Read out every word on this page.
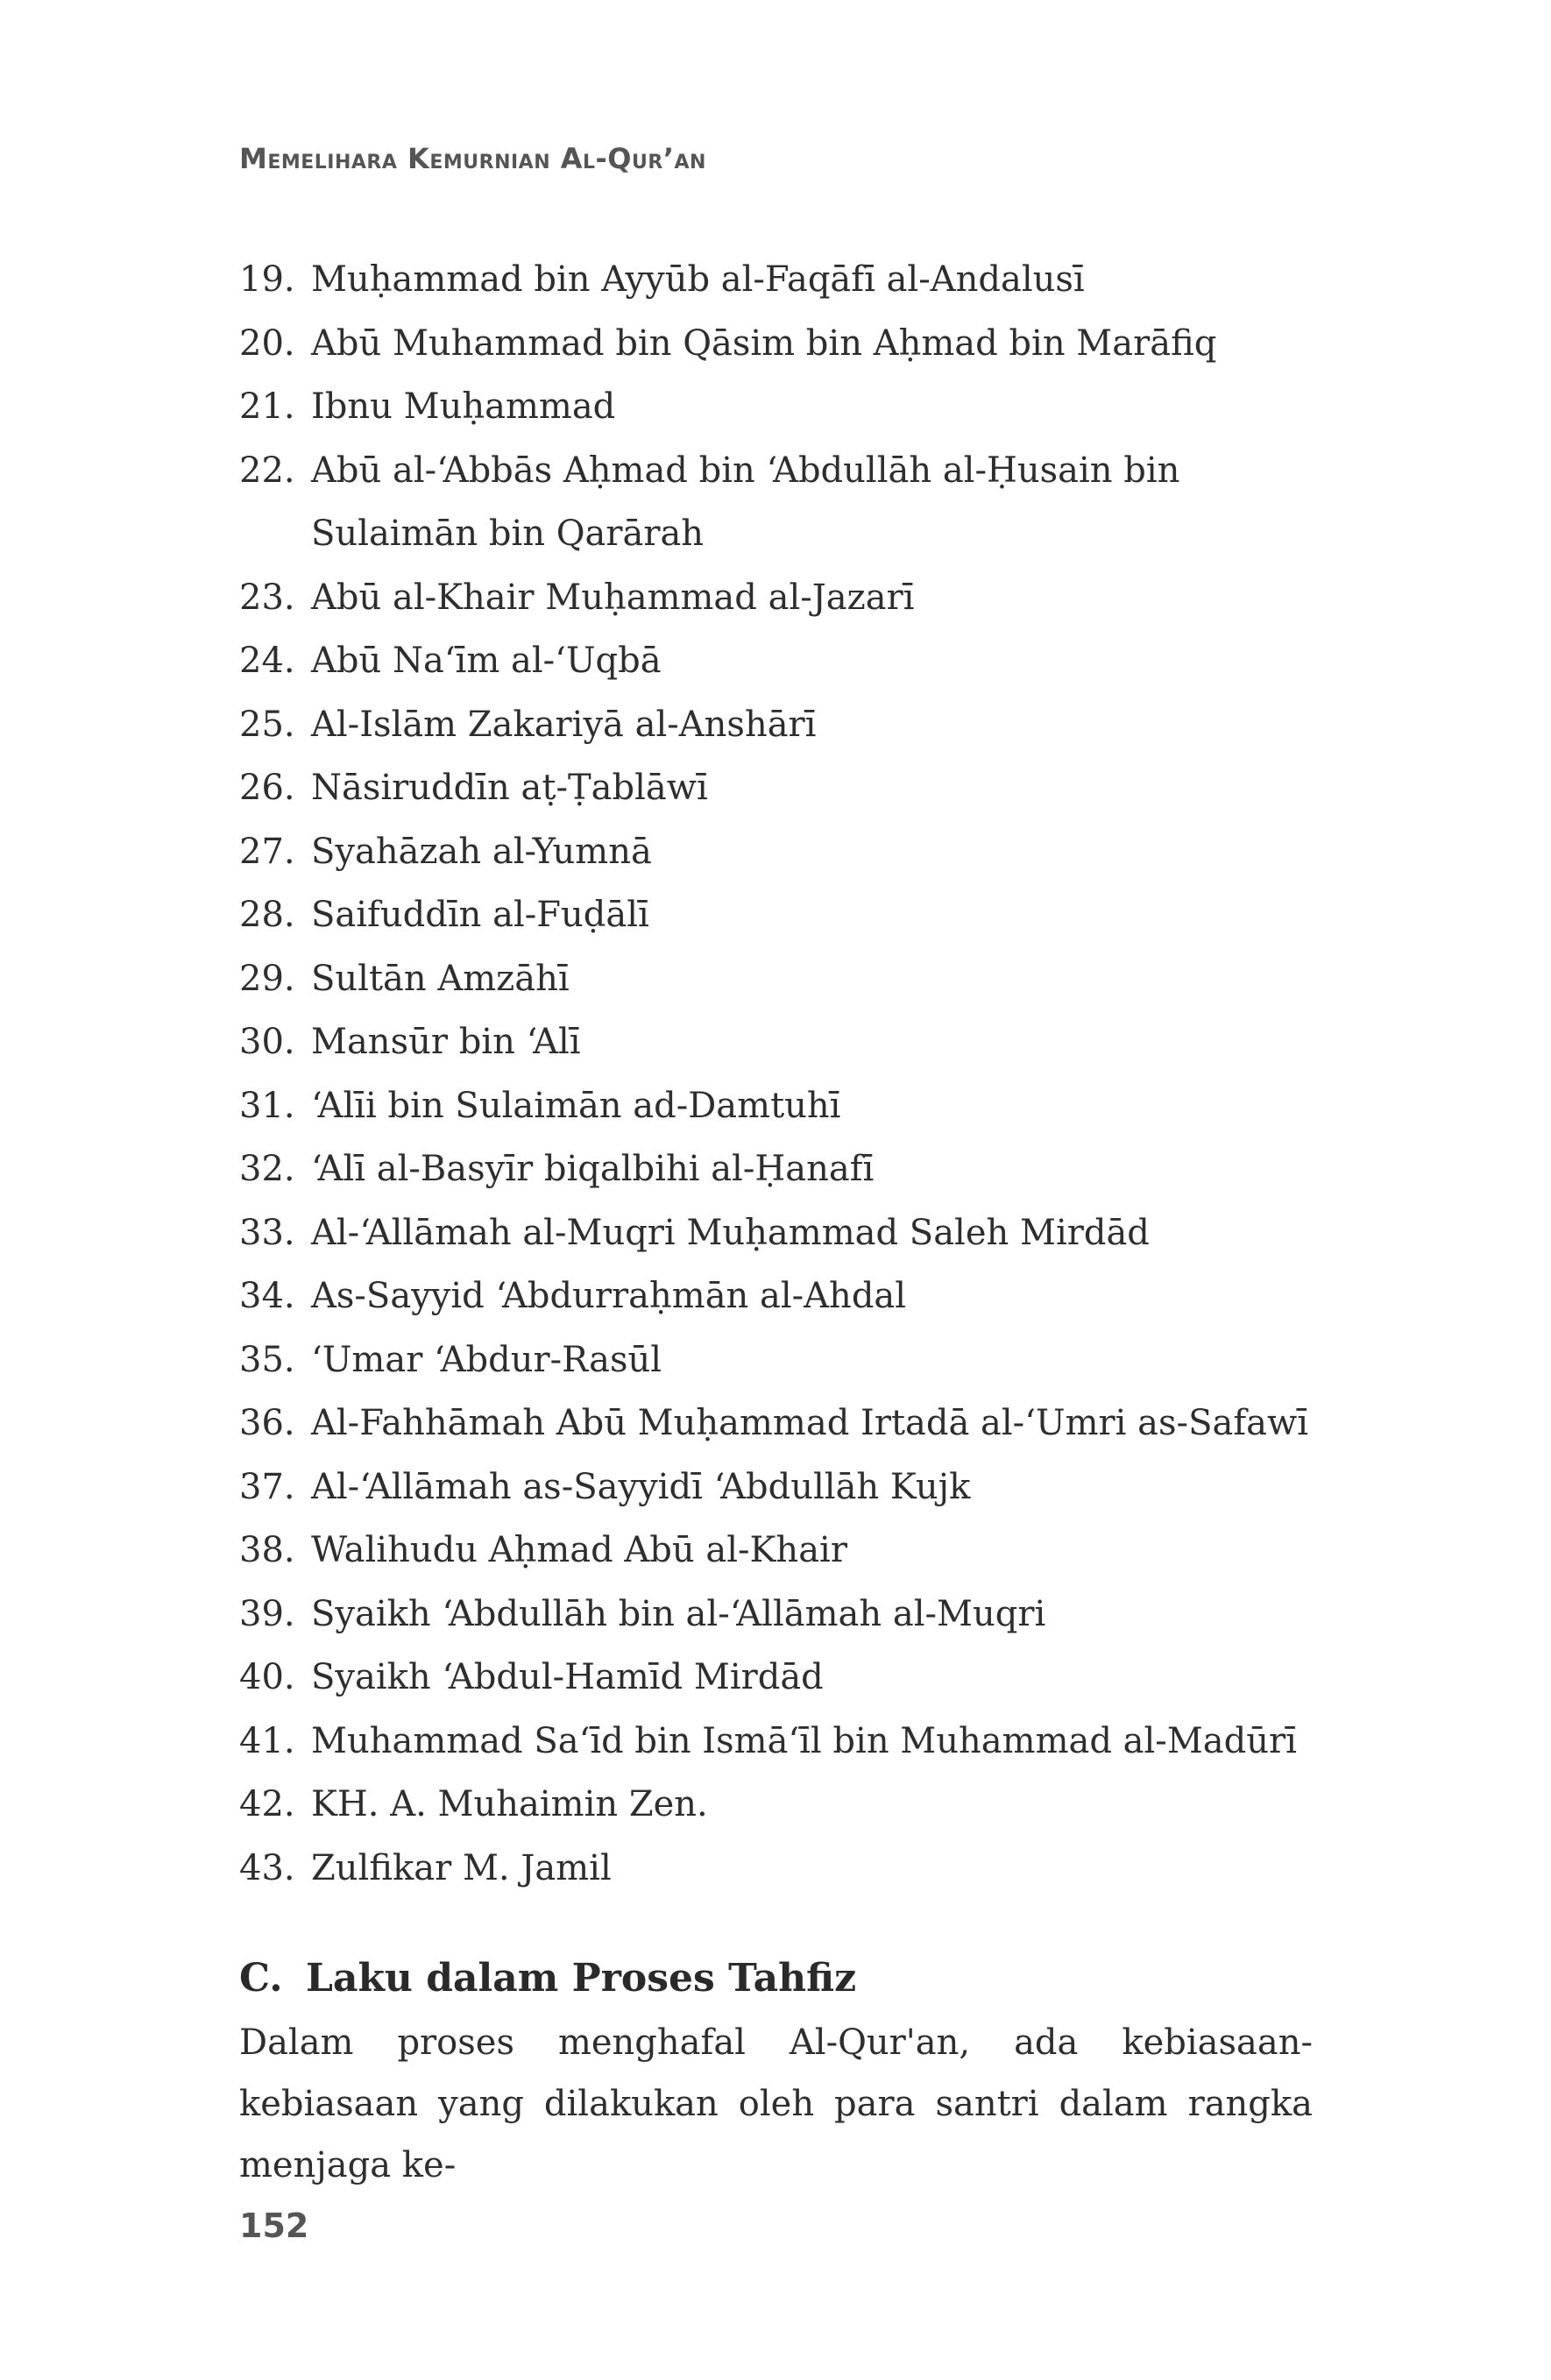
Memelihara Kemurnian Al-Qur’an
19. Muḥammad bin Ayyūb al-Faqāfī al-Andalusī
20. Abū Muhammad bin Qāsim bin Aḥmad bin Marāfiq
21. Ibnu Muḥammad
22. Abū al-‘Abbās Aḥmad bin ‘Abdullāh al-Ḥusain bin Sulaimān bin Qarārah
23. Abū al-Khair Muḥammad al-Jazarī
24. Abū Na‘īm al-‘Uqbā
25. Al-Islām Zakariyā al-Anshārī
26. Nāsiruddīn aṭ-Ṭablāwī
27. Syahāzah al-Yumnā
28. Saifuddīn al-Fuḍālī
29. Sultān Amzāhī
30. Mansūr bin ‘Alī
31. ‘Alīi bin Sulaimān ad-Damtuhī
32. ‘Alī al-Basyīr biqalbihi al-Ḥanafī
33. Al-‘Allāmah al-Muqri Muḥammad Saleh Mirdād
34. As-Sayyid ‘Abdurraḥmān al-Ahdal
35. ‘Umar ‘Abdur-Rasūl
36. Al-Fahhāmah Abū Muḥammad Irtadā al-‘Umri as-Safawī
37. Al-‘Allāmah as-Sayyidī ‘Abdullāh Kujk
38. Walihudu Aḥmad Abū al-Khair
39. Syaikh ‘Abdullāh bin al-‘Allāmah al-Muqri
40. Syaikh ‘Abdul-Hamīd Mirdād
41. Muhammad Sa‘īd bin Ismā‘īl bin Muhammad al-Madūrī
42. KH. A. Muhaimin Zen.
43. Zulfikar M. Jamil
C. Laku dalam Proses Tahfiz

Dalam proses menghafal Al-Qur'an, ada kebiasaan-kebiasaan yang dilakukan oleh para santri dalam rangka menjaga ke-

152
